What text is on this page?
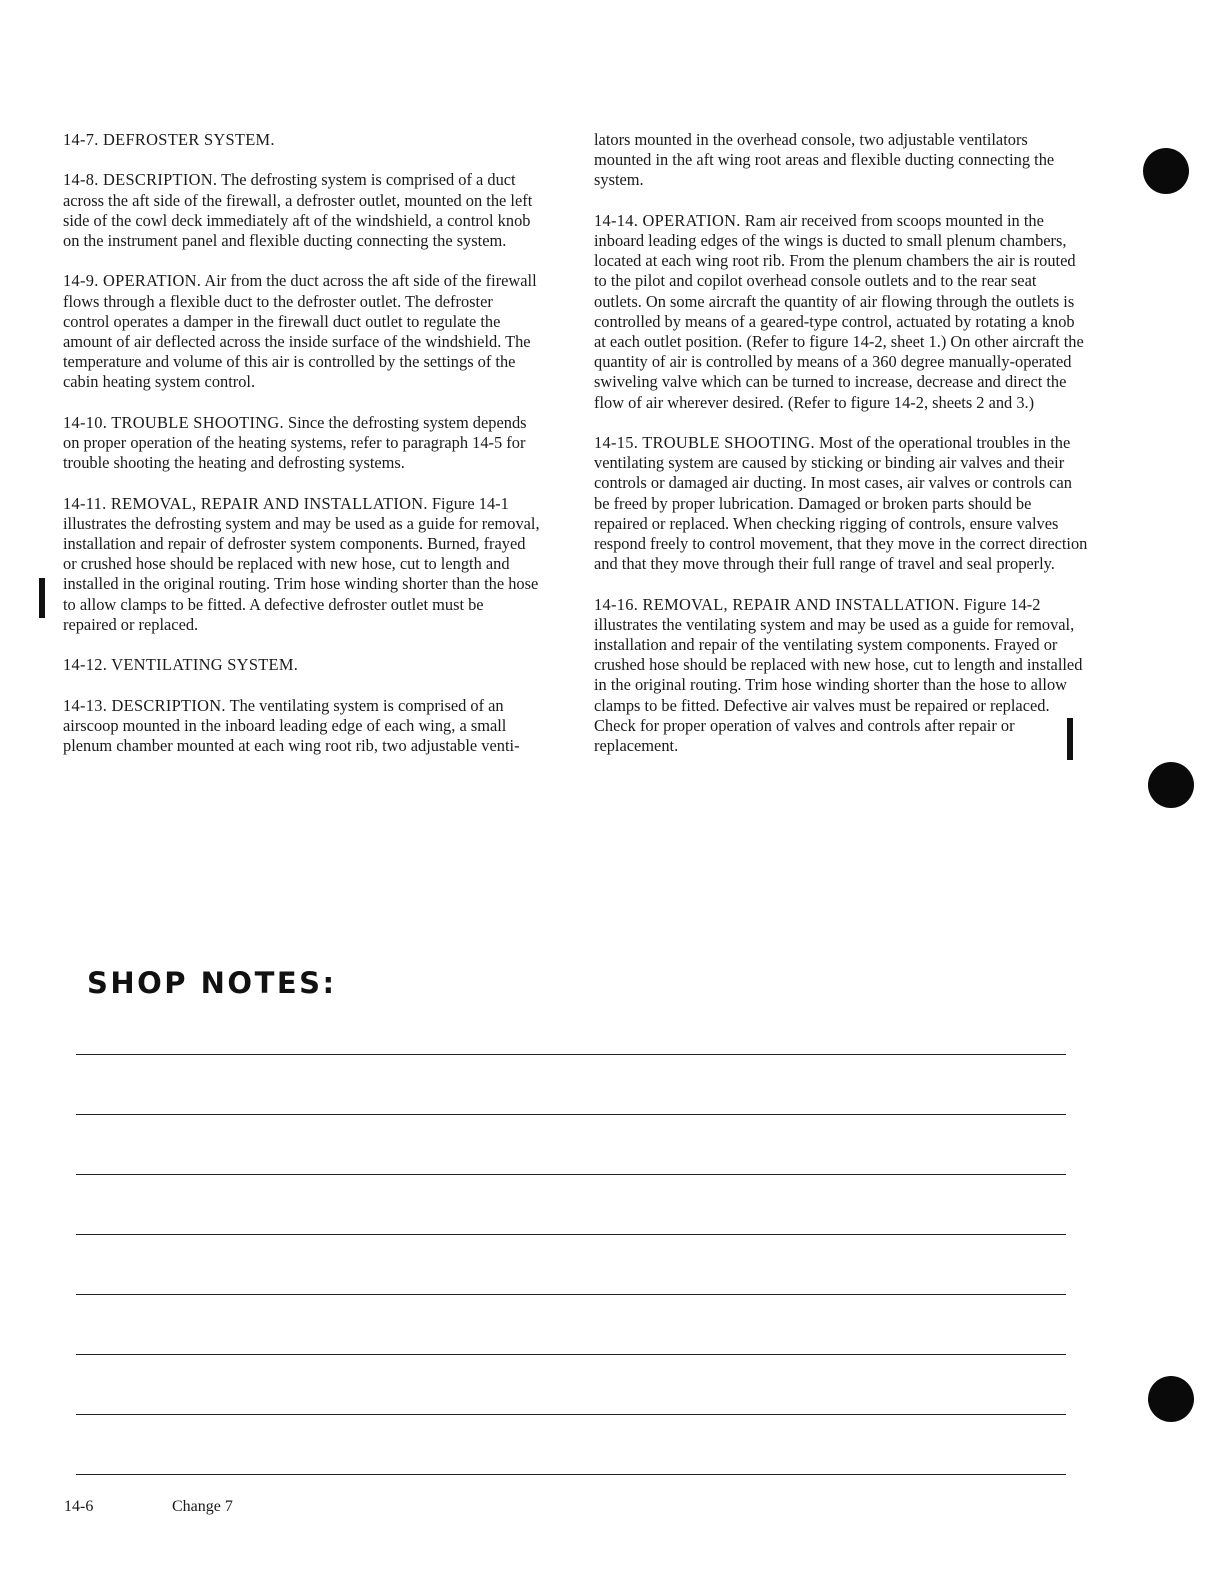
14-7. DEFROSTER SYSTEM.

14-8. DESCRIPTION. The defrosting system is comprised of a duct across the aft side of the firewall, a defroster outlet, mounted on the left side of the cowl deck immediately aft of the windshield, a control knob on the instrument panel and flexible ducting connecting the system.

14-9. OPERATION. Air from the duct across the aft side of the firewall flows through a flexible duct to the defroster outlet. The defroster control operates a damper in the firewall duct outlet to regulate the amount of air deflected across the inside surface of the windshield. The temperature and volume of this air is controlled by the settings of the cabin heating system control.

14-10. TROUBLE SHOOTING. Since the defrosting system depends on proper operation of the heating systems, refer to paragraph 14-5 for trouble shooting the heating and defrosting systems.

14-11. REMOVAL, REPAIR AND INSTALLATION. Figure 14-1 illustrates the defrosting system and may be used as a guide for removal, installation and repair of defroster system components. Burned, frayed or crushed hose should be replaced with new hose, cut to length and installed in the original routing. Trim hose winding shorter than the hose to allow clamps to be fitted. A defective defroster outlet must be repaired or replaced.

14-12. VENTILATING SYSTEM.

14-13. DESCRIPTION. The ventilating system is comprised of an airscoop mounted in the inboard leading edge of each wing, a small plenum chamber mounted at each wing root rib, two adjustable venti-

lators mounted in the overhead console, two adjustable ventilators mounted in the aft wing root areas and flexible ducting connecting the system.

14-14. OPERATION. Ram air received from scoops mounted in the inboard leading edges of the wings is ducted to small plenum chambers, located at each wing root rib. From the plenum chambers the air is routed to the pilot and copilot overhead console outlets and to the rear seat outlets. On some aircraft the quantity of air flowing through the outlets is controlled by means of a geared-type control, actuated by rotating a knob at each outlet position. (Refer to figure 14-2, sheet 1.) On other aircraft the quantity of air is controlled by means of a 360 degree manually-operated swiveling valve which can be turned to increase, decrease and direct the flow of air wherever desired. (Refer to figure 14-2, sheets 2 and 3.)

14-15. TROUBLE SHOOTING. Most of the operational troubles in the ventilating system are caused by sticking or binding air valves and their controls or damaged air ducting. In most cases, air valves or controls can be freed by proper lubrication. Damaged or broken parts should be repaired or replaced. When checking rigging of controls, ensure valves respond freely to control movement, that they move in the correct direction and that they move through their full range of travel and seal properly.

14-16. REMOVAL, REPAIR AND INSTALLATION. Figure 14-2 illustrates the ventilating system and may be used as a guide for removal, installation and repair of the ventilating system components. Frayed or crushed hose should be replaced with new hose, cut to length and installed in the original routing. Trim hose winding shorter than the hose to allow clamps to be fitted. Defective air valves must be repaired or replaced. Check for proper operation of valves and controls after repair or replacement.

SHOP NOTES:
14-6	Change 7
